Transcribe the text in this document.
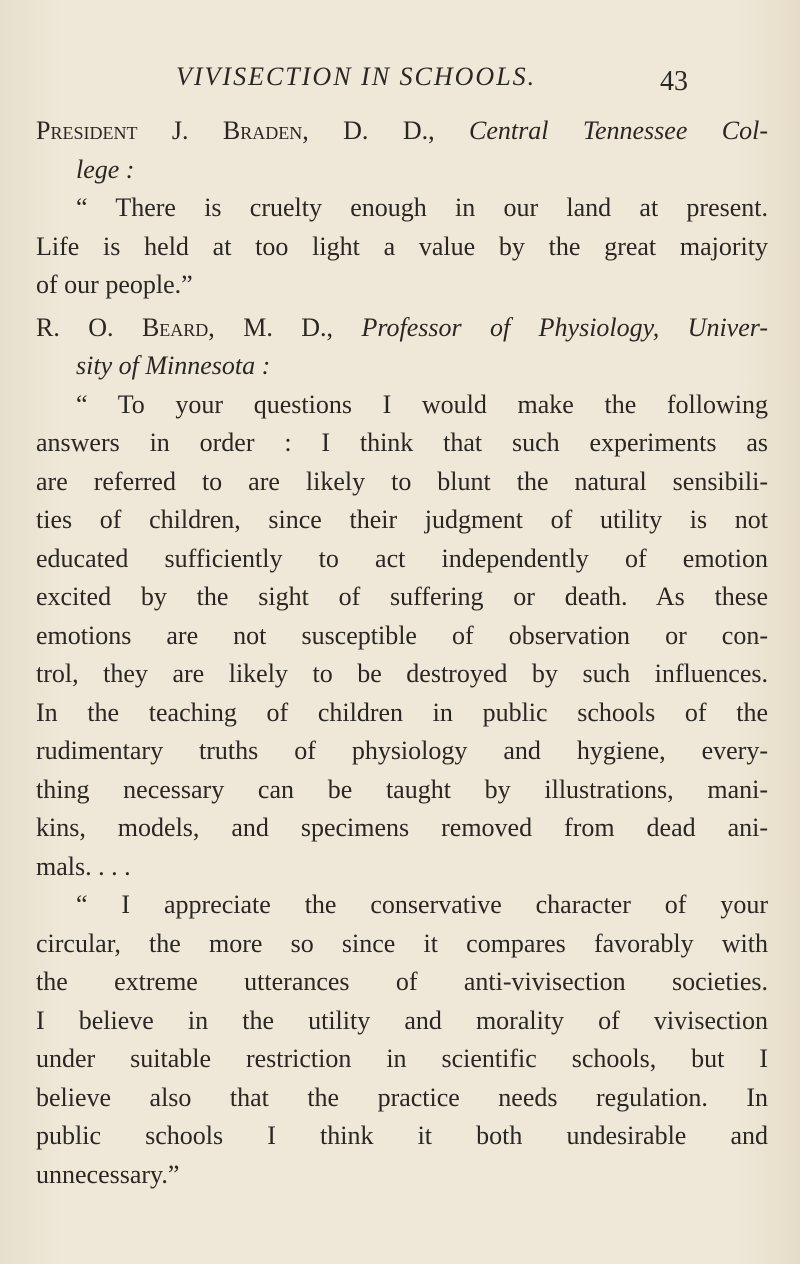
VIVISECTION IN SCHOOLS.	43
President J. Braden, D. D., Central Tennessee Col-
lege :
“ There is cruelty enough in our land at present.
Life is held at too light a value by the great majority
of our people.”
R. O. Beard, M. D., Professor of Physiology, Univer-
sity of Minnesota :
“ To your questions I would make the following
answers in order : I think that such experiments as
are referred to are likely to blunt the natural sensibili-
ties of children, since their judgment of utility is not
educated sufficiently to act independently of emotion
excited by the sight of suffering or death. As these
emotions are not susceptible of observation or con-
trol, they are likely to be destroyed by such influences.
In the teaching of children in public schools of the
rudimentary truths of physiology and hygiene, every-
thing necessary can be taught by illustrations, mani-
kins, models, and specimens removed from dead ani-
mals. . . .
“ I appreciate the conservative character of your
circular, the more so since it compares favorably with
the extreme utterances of anti-vivisection societies.
I believe in the utility and morality of vivisection
under suitable restriction in scientific schools, but I
believe also that the practice needs regulation. In
public schools I think it both undesirable and
unnecessary.”
